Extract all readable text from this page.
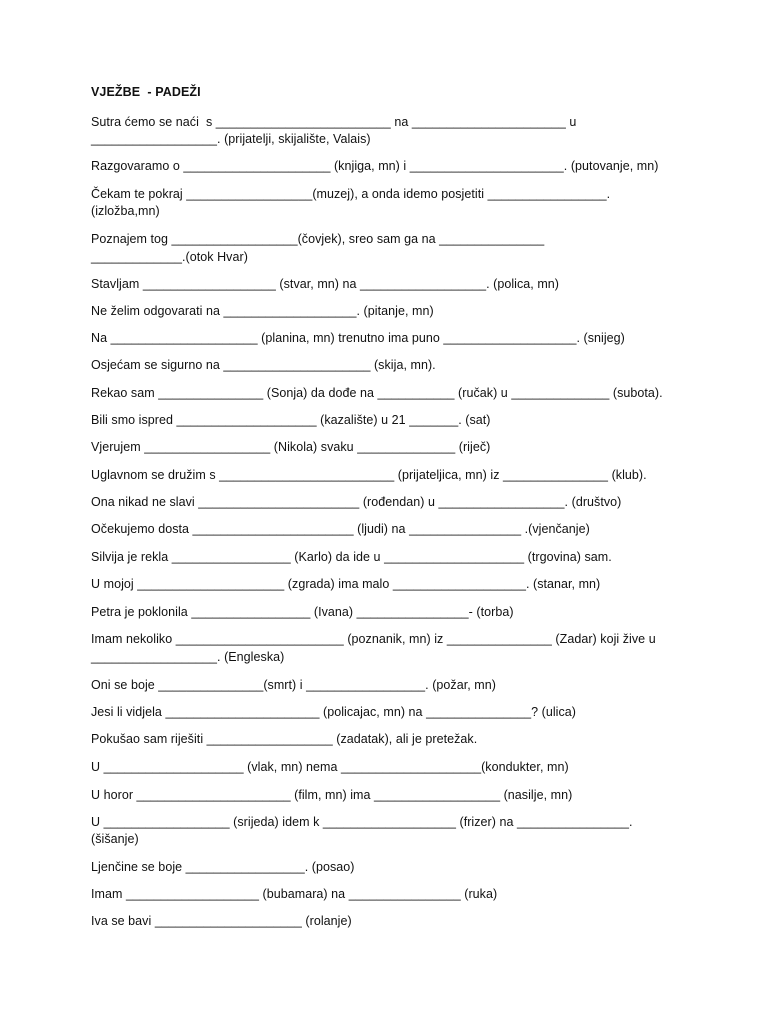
VJEŽBE  - PADEŽI
Sutra ćemo se naći  s _________________________ na ______________________ u
__________________. (prijatelji, skijalište, Valais)
Razgovaramo o _____________________ (knjiga, mn) i ______________________. (putovanje, mn)
Čekam te pokraj __________________(muzej), a onda idemo posjetiti _________________.
(izložba,mn)
Poznajem tog __________________(čovjek), sreo sam ga na _______________
_____________.(otok Hvar)
Stavljam ___________________ (stvar, mn) na __________________. (polica, mn)
Ne želim odgovarati na ___________________. (pitanje, mn)
Na _____________________ (planina, mn) trenutno ima puno ___________________. (snijeg)
Osjećam se sigurno na _____________________ (skija, mn).
Rekao sam _______________ (Sonja) da dođe na ___________ (ručak) u ______________ (subota).
Bili smo ispred ____________________ (kazalište) u 21 _______. (sat)
Vjerujem __________________ (Nikola) svaku ______________ (riječ)
Uglavnom se družim s _________________________ (prijateljica, mn) iz _______________ (klub).
Ona nikad ne slavi _______________________ (rođendan) u __________________. (društvo)
Očekujemo dosta _______________________ (ljudi) na ________________ .(vjenčanje)
Silvija je rekla _________________ (Karlo) da ide u ____________________ (trgovina) sam.
U mojoj _____________________ (zgrada) ima malo ___________________. (stanar, mn)
Petra je poklonila _________________ (Ivana) ________________- (torba)
Imam nekoliko ________________________ (poznanik, mn) iz _______________ (Zadar) koji žive u
__________________. (Engleska)
Oni se boje _______________(smrt) i _________________. (požar, mn)
Jesi li vidjela ______________________ (policajac, mn) na _______________? (ulica)
Pokušao sam riješiti __________________ (zadatak), ali je pretežak.
U ____________________ (vlak, mn) nema ____________________(kondukter, mn)
U horor ______________________ (film, mn) ima __________________ (nasilje, mn)
U __________________ (srijeda) idem k ___________________ (frizer) na ________________.
(šišanje)
Ljenčine se boje _________________. (posao)
Imam ___________________ (bubamara) na ________________ (ruka)
Iva se bavi _____________________ (rolanje)
